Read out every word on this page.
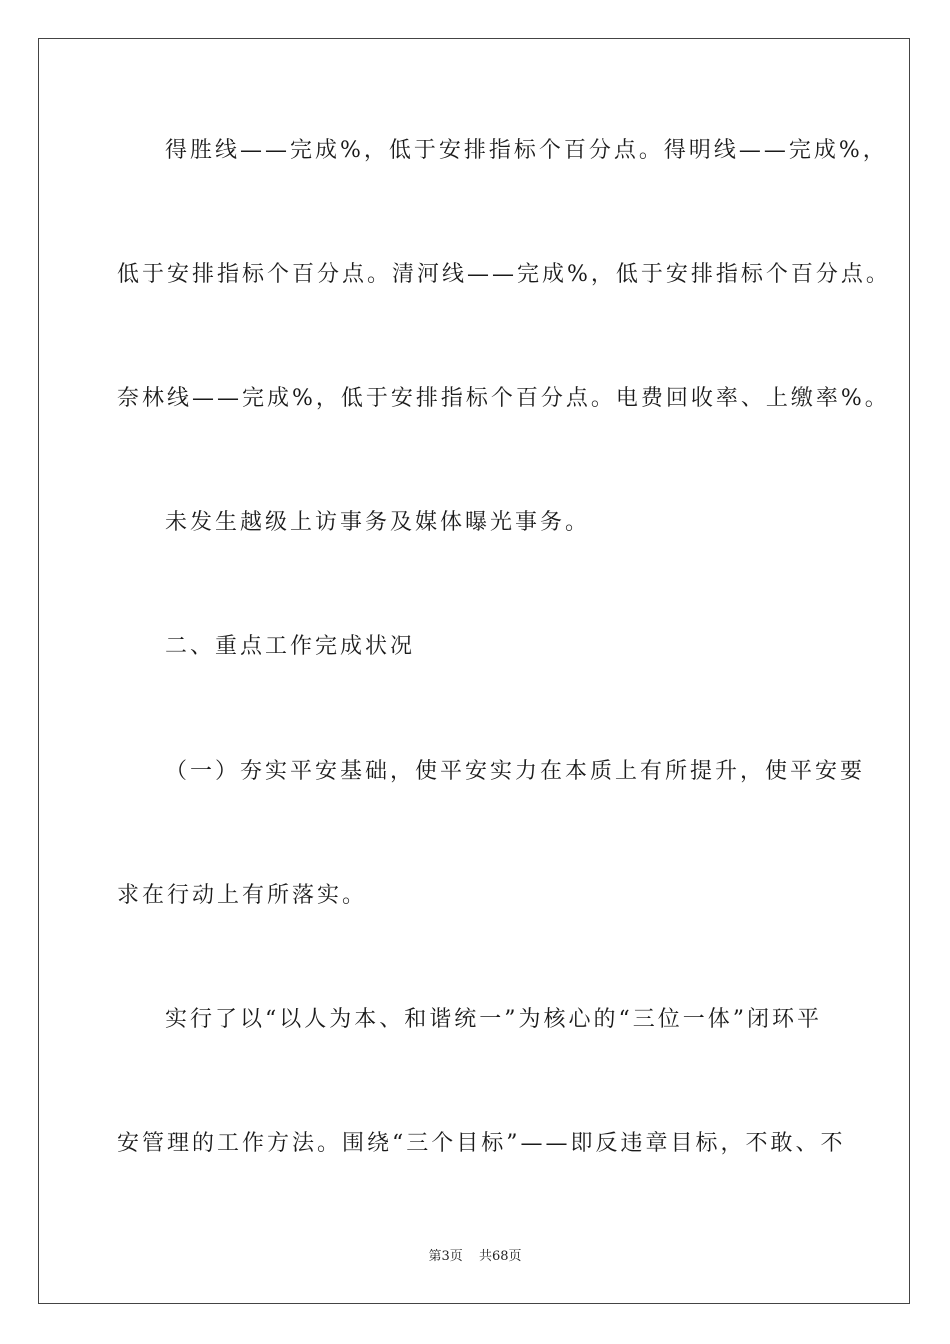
得胜线——完成%，低于安排指标个百分点。得明线——完成%，
低于安排指标个百分点。清河线——完成%，低于安排指标个百分点。
奈林线——完成%，低于安排指标个百分点。电费回收率、上缴率%。
未发生越级上访事务及媒体曝光事务。
二、重点工作完成状况
（一）夯实平安基础，使平安实力在本质上有所提升，使平安要
求在行动上有所落实。
实行了以“以人为本、和谐统一”为核心的“三位一体”闭环平
安管理的工作方法。围绕“三个目标”——即反违章目标，不敢、不
第3页 共68页
